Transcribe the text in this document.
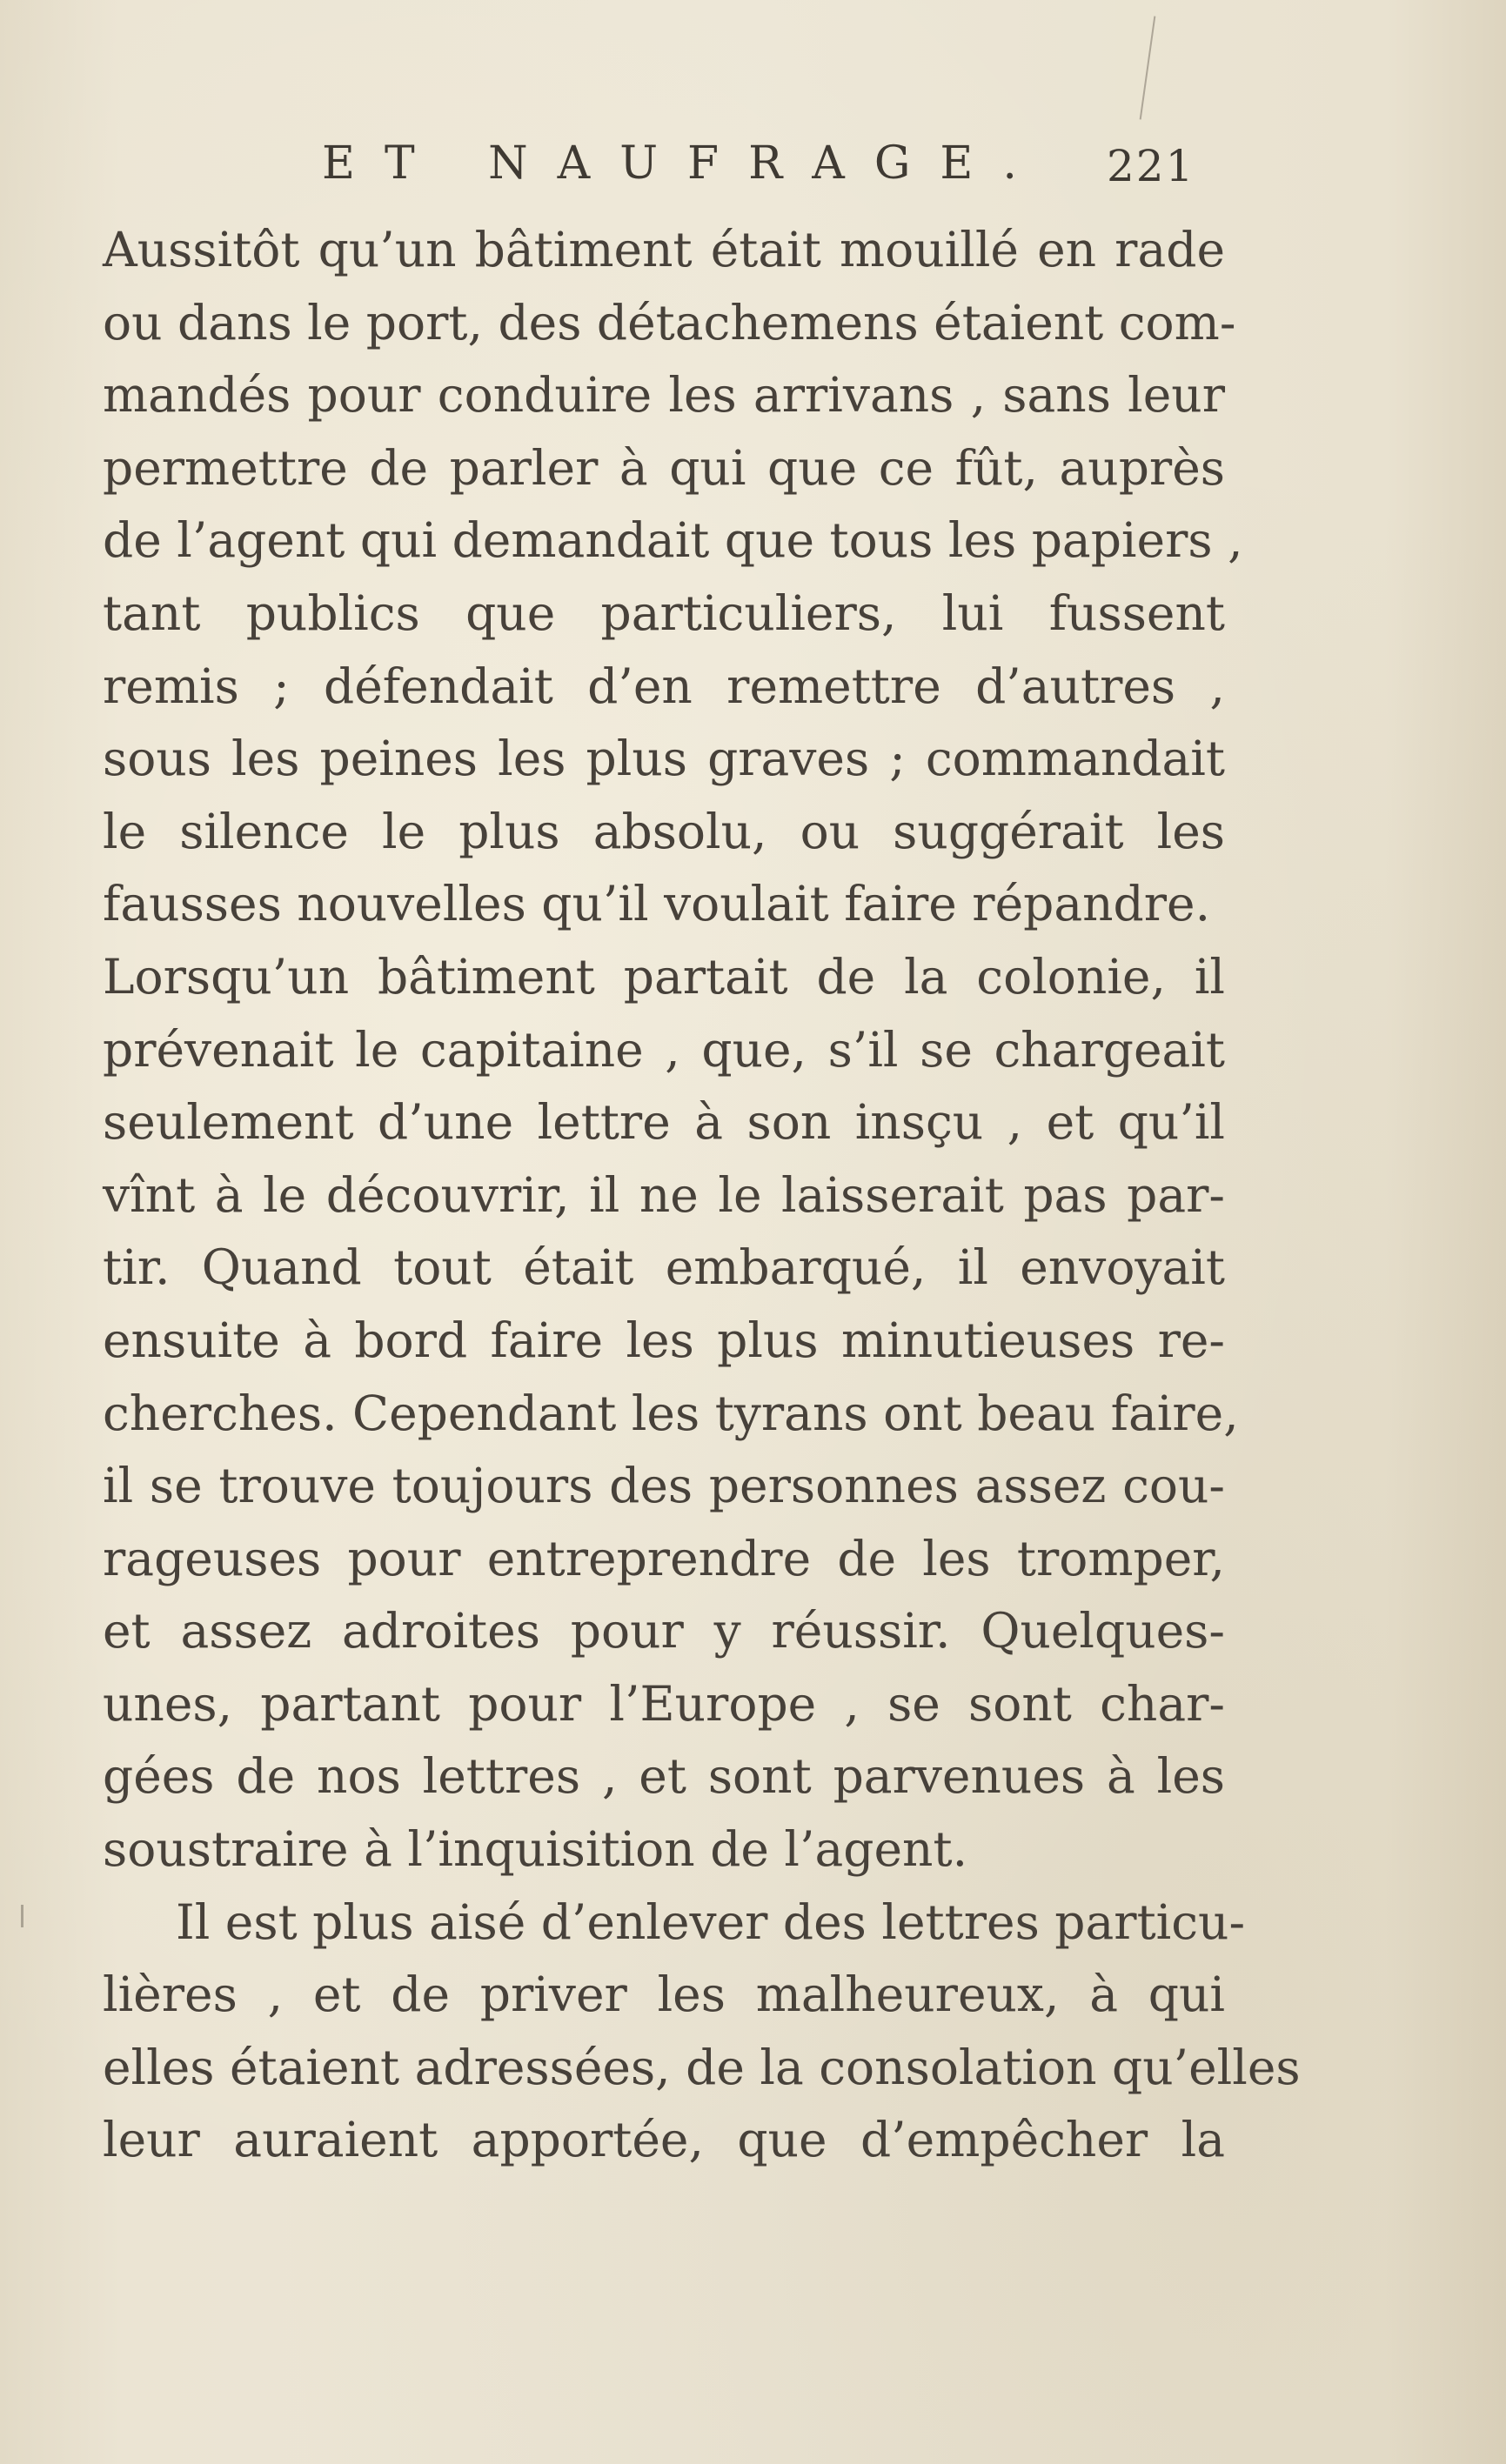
ET NAUFRAGE.	221
Aussitôt qu’un bâtiment était mouillé en rade
ou dans le port, des détachemens étaient com-
mandés pour conduire les arrivans , sans leur
permettre de parler à qui que ce fût, auprès
de l’agent qui demandait que tous les papiers ,
tant publics que particuliers, lui fussent
remis ; défendait d’en remettre d’autres ,
sous les peines les plus graves ; commandait
le silence le plus absolu, ou suggérait les
fausses nouvelles qu’il voulait faire répandre.
Lorsqu’un bâtiment partait de la colonie, il
prévenait le capitaine , que, s’il se chargeait
seulement d’une lettre à son insçu , et qu’il
vînt à le découvrir, il ne le laisserait pas par-
tir. Quand tout était embarqué, il envoyait
ensuite à bord faire les plus minutieuses re-
cherches. Cependant les tyrans ont beau faire,
il se trouve toujours des personnes assez cou-
rageuses pour entreprendre de les tromper,
et assez adroites pour y réussir. Quelques-
unes, partant pour l’Europe , se sont char-
gées de nos lettres , et sont parvenues à les
soustraire à l’inquisition de l’agent.
Il est plus aisé d’enlever des lettres particu-
lières , et de priver les malheureux, à qui
elles étaient adressées, de la consolation qu’elles
leur auraient apportée, que d’empêcher la
